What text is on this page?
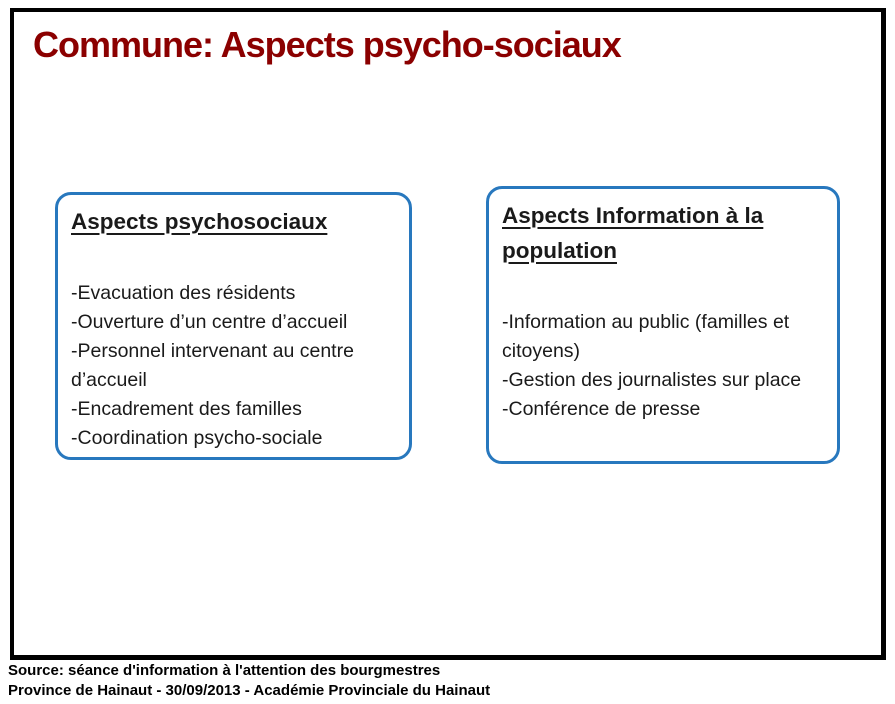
Commune: Aspects psycho-sociaux
Aspects psychosociaux
-Evacuation des résidents
-Ouverture d’un centre d’accueil
-Personnel intervenant au centre d’accueil
-Encadrement des familles
-Coordination psycho-sociale
Aspects Information à la population
-Information au public (familles et citoyens)
-Gestion des journalistes sur place
-Conférence de presse
Source: séance d'information à l'attention des bourgmestres
Province de Hainaut - 30/09/2013 - Académie Provinciale du Hainaut
